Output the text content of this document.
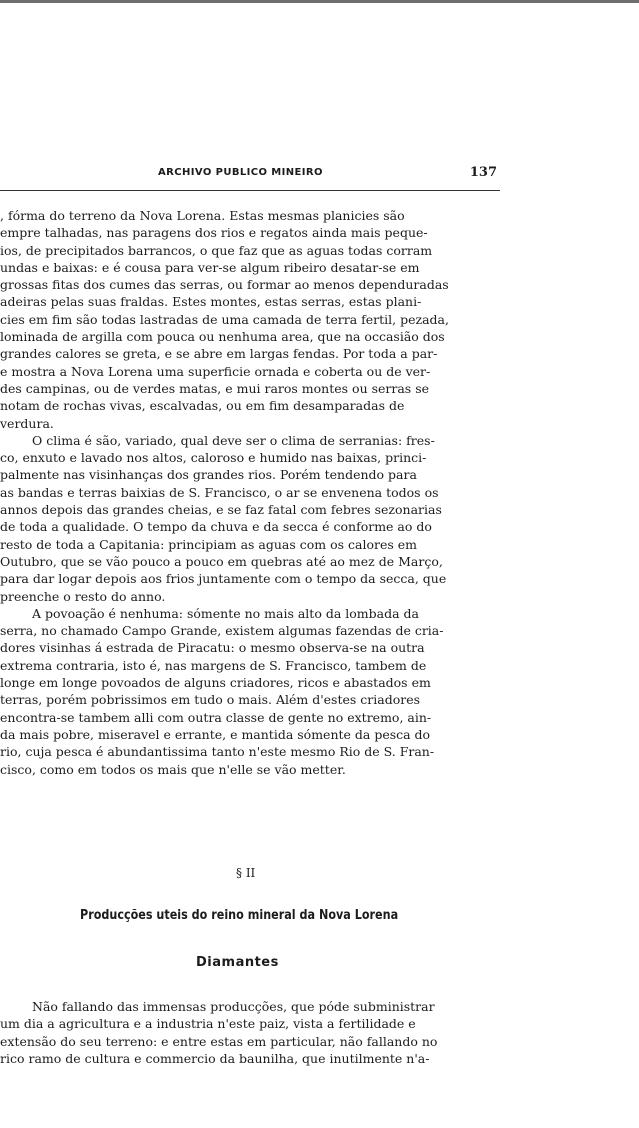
ARCHIVO PUBLICO MINEIRO	137

, fórma do terreno da Nova Lorena. Estas mesmas planicies são
empre talhadas, nas paragens dos rios e regatos ainda mais peque-
ios, de precipitados barrancos, o que faz que as aguas todas corram
undas e baixas: e é cousa para ver-se algum ribeiro desatar-se em
grossas fitas dos cumes das serras, ou formar ao menos dependuradas
adeiras pelas suas fraldas. Estes montes, estas serras, estas plani-
cies em fim são todas lastradas de uma camada de terra fertil, pezada,
lominada de argilla com pouca ou nenhuma area, que na occasião dos
grandes calores se greta, e se abre em largas fendas. Por toda a par-
e mostra a Nova Lorena uma superficie ornada e coberta ou de ver-
des campinas, ou de verdes matas, e mui raros montes ou serras se
notam de rochas vivas, escalvadas, ou em fim desamparadas de
verdura.

O clima é são, variado, qual deve ser o clima de serranias: fres-
co, enxuto e lavado nos altos, caloroso e humido nas baixas, princi-
palmente nas visinhanças dos grandes rios. Porém tendendo para
as bandas e terras baixias de S. Francisco, o ar se envenena todos os
annos depois das grandes cheias, e se faz fatal com febres sezonarias
de toda a qualidade. O tempo da chuva e da secca é conforme ao do
resto de toda a Capitania: principiam as aguas com os calores em
Outubro, que se vão pouco a pouco em quebras até ao mez de Março,
para dar logar depois aos frios juntamente com o tempo da secca, que
preenche o resto do anno.

A povoação é nenhuma: sómente no mais alto da lombada da
serra, no chamado Campo Grande, existem algumas fazendas de cria-
dores visinhas á estrada de Piracatu: o mesmo observa-se na outra
extrema contraria, isto é, nas margens de S. Francisco, tambem de
longe em longe povoados de alguns criadores, ricos e abastados em
terras, porém pobrissimos em tudo o mais. Além d'estes criadores
encontra-se tambem alli com outra classe de gente no extremo, ain-
da mais pobre, miseravel e errante, e mantida sómente da pesca do
rio, cuja pesca é abundantissima tanto n'este mesmo Rio de S. Fran-
cisco, como em todos os mais que n'elle se vão metter.

§ II
Producções uteis do reino mineral da Nova Lorena
Diamantes

Não fallando das immensas producções, que póde subministrar
um dia a agricultura e a industria n'este paiz, vista a fertilidade e
extensão do seu terreno: e entre estas em particular, não fallando no
rico ramo de cultura e commercio da baunilha, que inutilmente n'a-
